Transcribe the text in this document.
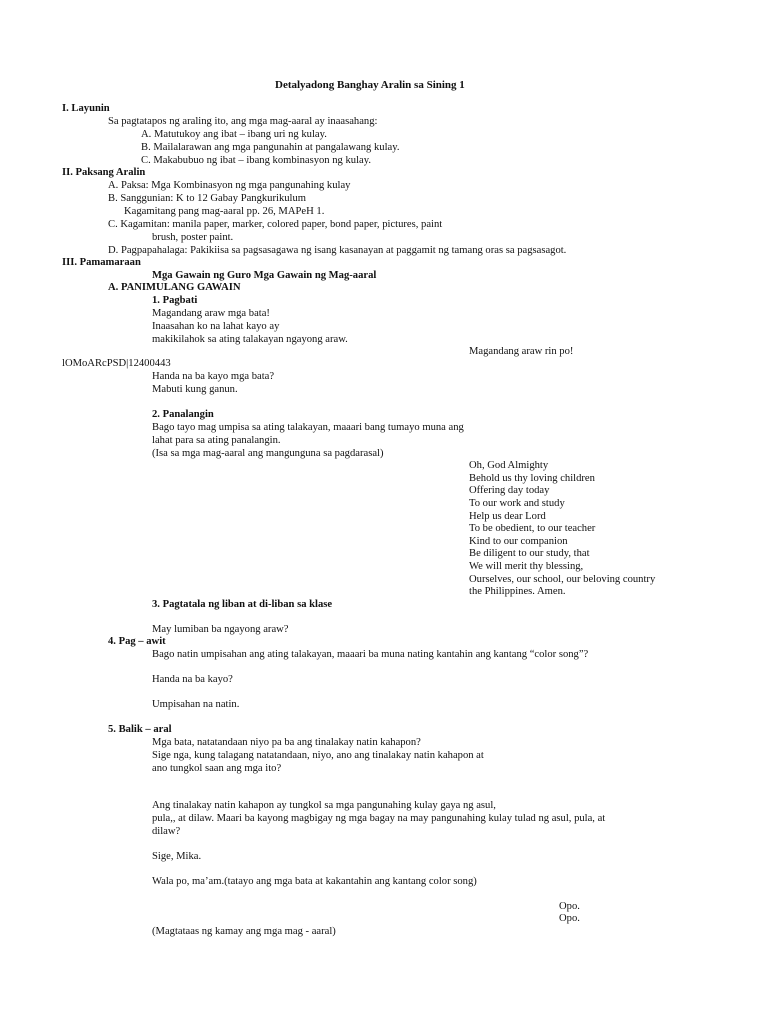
Detalyadong Banghay Aralin sa Sining 1
I. Layunin
Sa pagtatapos ng araling ito, ang mga mag-aaral ay inaasahang:
A. Matutukoy ang ibat – ibang uri ng kulay.
B. Mailalarawan ang mga pangunahin at pangalawang kulay.
C. Makabubuo ng ibat – ibang kombinasyon ng kulay.
II. Paksang Aralin
A. Paksa: Mga Kombinasyon ng mga pangunahing kulay
B. Sanggunian: K to 12 Gabay Pangkurikulum
Kagamitang pang mag-aaral pp. 26, MAPeH 1.
C. Kagamitan: manila paper, marker, colored paper, bond paper, pictures, paint
brush, poster paint.
D. Pagpapahalaga: Pakikiisa sa pagsasagawa ng isang kasanayan at paggamit ng tamang oras sa pagsasagot.
III. Pamamaraan
Mga Gawain ng Guro Mga Gawain ng Mag-aaral
A. PANIMULANG GAWAIN
1. Pagbati
Magandang araw mga bata!
Inaasahan ko na lahat kayo ay
makikilahok sa ating talakayan ngayong araw.
Magandang araw rin po!
lOMoARcPSD|12400443
Handa na ba kayo mga bata?
Mabuti kung ganun.
2. Panalangin
Bago tayo mag umpisa sa ating talakayan, maaari bang tumayo muna ang
lahat para sa ating panalangin.
(Isa sa mga mag-aaral ang mangunguna sa pagdarasal)
Oh, God Almighty
Behold us thy loving children
Offering day today
To our work and study
Help us dear Lord
To be obedient, to our teacher
Kind to our companion
Be diligent to our study, that
We will merit thy blessing,
Ourselves, our school, our beloving country
the Philippines. Amen.
3. Pagtatala ng liban at di-liban sa klase
May lumiban ba ngayong araw?
4. Pag – awit
Bago natin umpisahan ang ating talakayan, maaari ba muna nating kantahin ang kantang “color song”?
Handa na ba kayo?
Umpisahan na natin.
5. Balik – aral
Mga bata, natatandaan niyo pa ba ang tinalakay natin kahapon?
Sige nga, kung talagang natatandaan, niyo, ano ang tinalakay natin kahapon at
ano tungkol saan ang mga ito?
Ang tinalakay natin kahapon ay tungkol sa mga pangunahing kulay gaya ng asul,
pula,, at dilaw. Maari ba kayong magbigay ng mga bagay na may pangunahing kulay tulad ng asul, pula, at
dilaw?
Sige, Mika.
Wala po, ma’am.(tatayo ang mga bata at kakantahin ang kantang color song)
Opo.
Opo.
(Magtataas ng kamay ang mga mag - aaral)
